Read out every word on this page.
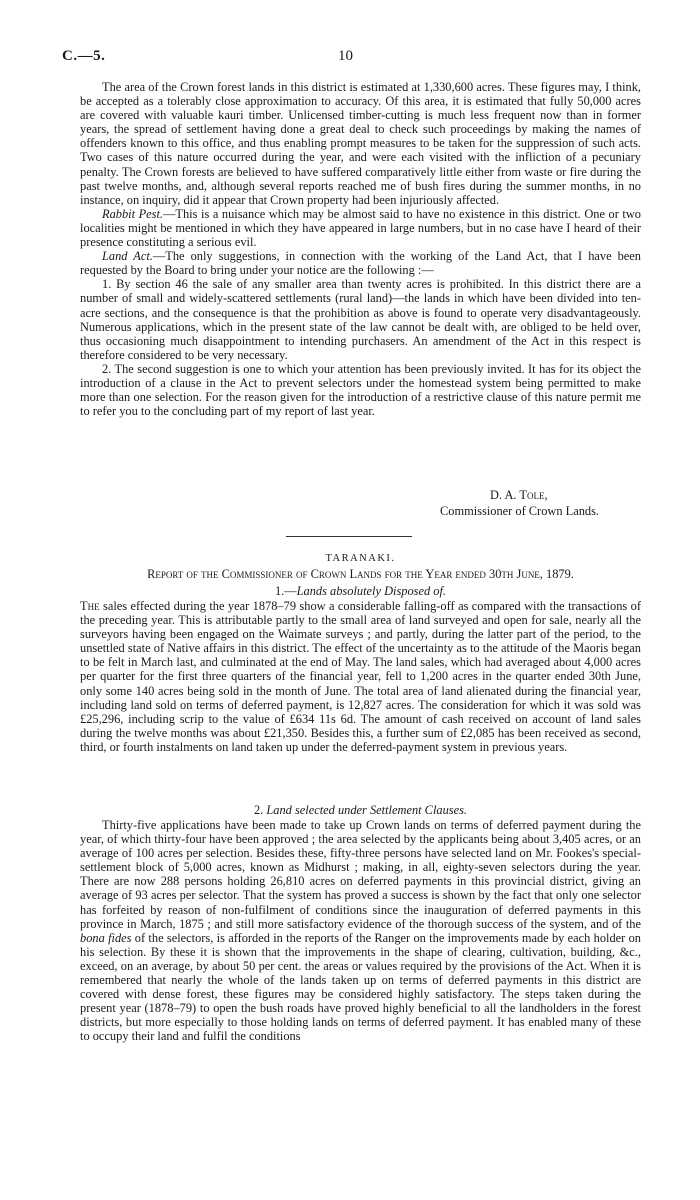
C.—5.	10

The area of the Crown forest lands in this district is estimated at 1,330,600 acres. These figures may, I think, be accepted as a tolerably close approximation to accuracy. Of this area, it is estimated that fully 50,000 acres are covered with valuable kauri timber. Unlicensed timber-cutting is much less frequent now than in former years, the spread of settlement having done a great deal to check such proceedings by making the names of offenders known to this office, and thus enabling prompt measures to be taken for the suppression of such acts. Two cases of this nature occurred during the year, and were each visited with the infliction of a pecuniary penalty. The Crown forests are believed to have suffered comparatively little either from waste or fire during the past twelve months, and, although several reports reached me of bush fires during the summer months, in no instance, on inquiry, did it appear that Crown property had been injuriously affected.

Rabbit Pest.—This is a nuisance which may be almost said to have no existence in this district. One or two localities might be mentioned in which they have appeared in large numbers, but in no case have I heard of their presence constituting a serious evil.

Land Act.—The only suggestions, in connection with the working of the Land Act, that I have been requested by the Board to bring under your notice are the following :—

1. By section 46 the sale of any smaller area than twenty acres is prohibited. In this district there are a number of small and widely-scattered settlements (rural land)—the lands in which have been divided into ten-acre sections, and the consequence is that the prohibition as above is found to operate very disadvantageously. Numerous applications, which in the present state of the law cannot be dealt with, are obliged to be held over, thus occasioning much disappointment to intending purchasers. An amendment of the Act in this respect is therefore considered to be very necessary.

2. The second suggestion is one to which your attention has been previously invited. It has for its object the introduction of a clause in the Act to prevent selectors under the homestead system being permitted to make more than one selection. For the reason given for the introduction of a restrictive clause of this nature permit me to refer you to the concluding part of my report of last year.

D. A. Tole,
Commissioner of Crown Lands.
TARANAKI.
Report of the Commissioner of Crown Lands for the Year ended 30th June, 1879.
1.—Lands absolutely Disposed of.

The sales effected during the year 1878–79 show a considerable falling-off as compared with the transactions of the preceding year. This is attributable partly to the small area of land surveyed and open for sale, nearly all the surveyors having been engaged on the Waimate surveys ; and partly, during the latter part of the period, to the unsettled state of Native affairs in this district. The effect of the uncertainty as to the attitude of the Maoris began to be felt in March last, and culminated at the end of May. The land sales, which had averaged about 4,000 acres per quarter for the first three quarters of the financial year, fell to 1,200 acres in the quarter ended 30th June, only some 140 acres being sold in the month of June. The total area of land alienated during the financial year, including land sold on terms of deferred payment, is 12,827 acres. The consideration for which it was sold was £25,296, including scrip to the value of £634 11s 6d. The amount of cash received on account of land sales during the twelve months was about £21,350. Besides this, a further sum of £2,085 has been received as second, third, or fourth instalments on land taken up under the deferred-payment system in previous years.

2. Land selected under Settlement Clauses.

Thirty-five applications have been made to take up Crown lands on terms of deferred payment during the year, of which thirty-four have been approved ; the area selected by the applicants being about 3,405 acres, or an average of 100 acres per selection. Besides these, fifty-three persons have selected land on Mr. Fookes's special-settlement block of 5,000 acres, known as Midhurst ; making, in all, eighty-seven selectors during the year. There are now 288 persons holding 26,810 acres on deferred payments in this provincial district, giving an average of 93 acres per selector. That the system has proved a success is shown by the fact that only one selector has forfeited by reason of non-fulfilment of conditions since the inauguration of deferred payments in this province in March, 1875 ; and still more satisfactory evidence of the thorough success of the system, and of the bona fides of the selectors, is afforded in the reports of the Ranger on the improvements made by each holder on his selection. By these it is shown that the improvements in the shape of clearing, cultivation, building, &c., exceed, on an average, by about 50 per cent. the areas or values required by the provisions of the Act. When it is remembered that nearly the whole of the lands taken up on terms of deferred payments in this district are covered with dense forest, these figures may be considered highly satisfactory. The steps taken during the present year (1878–79) to open the bush roads have proved highly beneficial to all the landholders in the forest districts, but more especially to those holding lands on terms of deferred payment. It has enabled many of these to occupy their land and fulfil the conditions
